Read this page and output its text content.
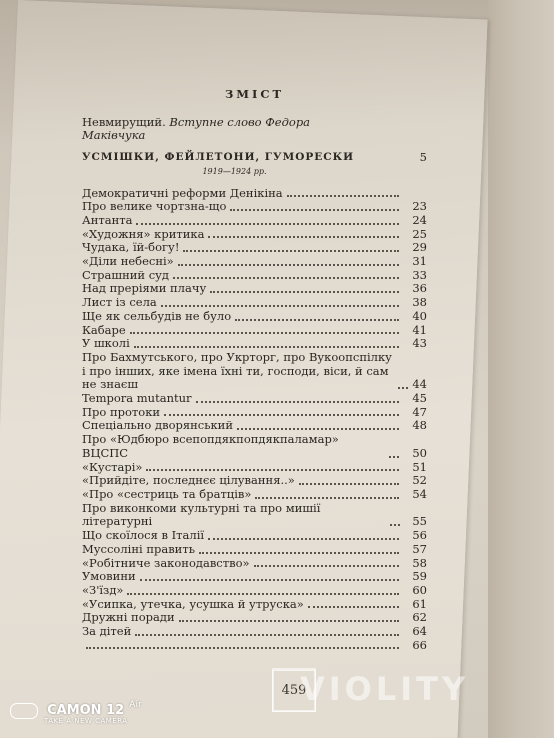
ЗМІСТ
Невмирущий. Вступне слово Федора Маківчука
УСМІШКИ, ФЕЙЛЕТОНИ, ГУМОРЕСКИ	5
1919—1924 рр.
Демократичні реформи Денікіна
Про велике чортзна-що	23
Антанта	24
«Художня» критика	25
Чудака, їй-богу!	29
«Діли небесні»	31
Страшний суд	33
Над преріями плачу	36
Лист із села	38
Ще як сельбудів не було	40
Кабаре	41
У школі	43
Про Бахмутського, про Укрторг, про Вукоопспілку і про інших, яке імена їхні ти, господи, віси, й сам не знаєш	44
Tempora mutantur	45
Про протоки	47
Спеціально дворянський	48
Про «Юдбюро всепопдякпопдякпаламар» ВЦСПС	50
«Кустарі»	51
«Прийдіте, последнєє цілування..»	52
«Про «сестриць та братців»	54
Про виконкоми культурні та про мишії літературні	55
Що скоїлося в Італії	56
Муссоліні править	57
«Робітниче законодавство»	58
Умовини	59
«З'їзд»	60
«Усипка, утечка, усушка й утруска»	61
Дружні поради	62
За дітей	64
66
459
VIOLITY
CAMON 12 $^{Air}$
TAKE A NEW CAMERA
